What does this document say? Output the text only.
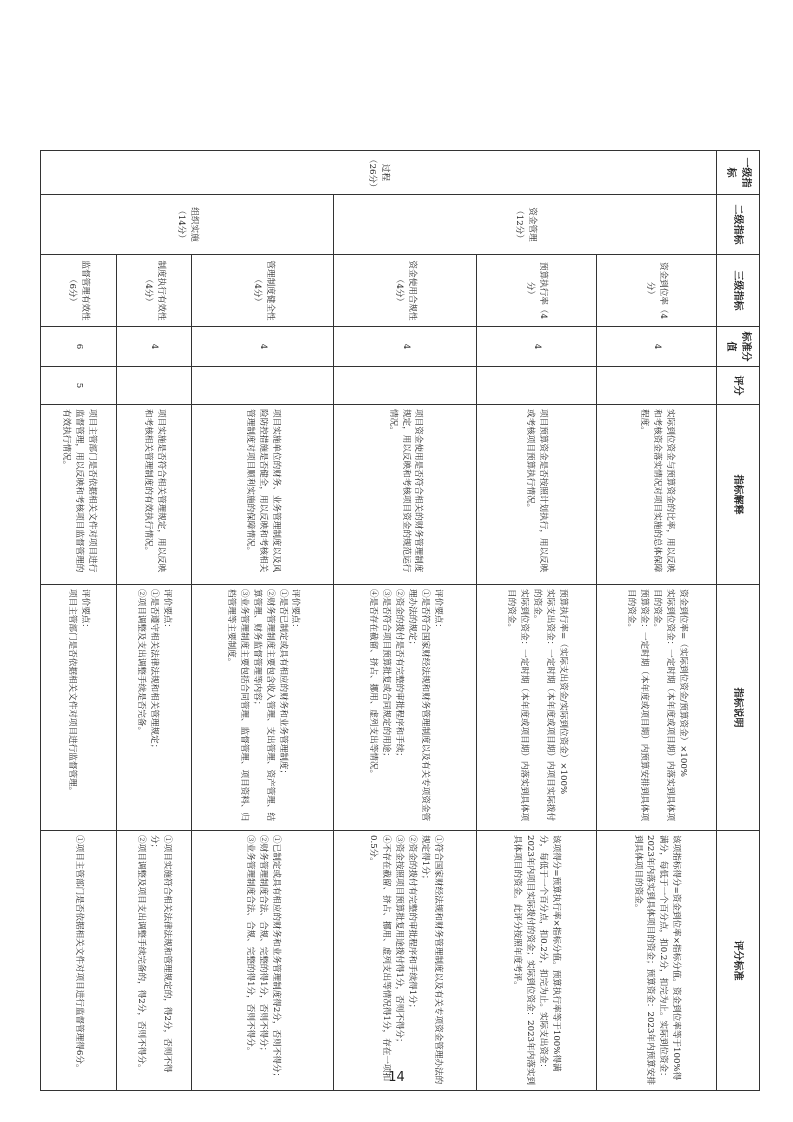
一级指标	二级指标	三级指标	标准分值	评分	指标解释	指标说明	评分标准
过程（26分）	资金管理（12分）	资金到位率（4分）	4		实际到位资金与预算资金的比率，用以反映和考核资金落实情况对项目实施的总体保障程度。	资金到位率=（实际到位资金/预算资金）×100%
实际到位资金：一定时期（本年度或项目期）内落实到具体项目的资金。
预算资金：一定时期（本年度或项目期）内预算安排到具体项目的资金。	该项指标得分=资金到位率×指标分值。资金到位率等于100%得满分，每低于一个百分点，扣0.2分，扣完为止。实际到位资金：2023年内落实到具体项目的资金；预算资金：2023年内预算安排到具体项目的资金。

		预算执行率（4分）	4		项目预算资金是否按照计划执行，用以反映或考核项目预算执行情况。	预算执行率=（实际支出资金/实际到位资金）×100%
实际支出资金：一定时期（本年度或项目期）内项目实际拨付的资金。
实际到位资金：一定时期（本年度或项目期）内落实到具体项目的资金。	该项得分=预算执行率×指标分值。预算执行率等于100%得满分，每低于一个百分点，扣0.2分，扣完为止。实际支出资金：2023年内项目实际拨付的资金；实际到位资金：2023年内落实到具体项目的资金。此评分按照年度考评。

		资金使用合规性（4分）	4		项目资金使用是否符合相关的财务管理制度规定，用以反映和考核项目资金的规范运行情况。	评价要点：
①是否符合国家财经法规和财务管理制度以及有关专项资金管理办法的规定；
②资金的拨付是否有完整的审批程序和手续；
③是否符合项目预算批复或合同规定的用途；
④是否存在截留、挤占、挪用、虚列支出等情况。	①符合国家财经法规和财务管理制度以及有关专项资金管理办法的规定得1分；
②资金的拨付有完整的审批程序和手续得1分；
③资金按照项目预算批复用途拨付得1分，否则不得分；
④不存在截留、挤占、挪用、虚列支出等情况得1分，存在一项扣0.5分。

	组织实施（14分）	管理制度健全性（4分）	4		项目实施单位的财务、业务管理制度以及风险防控措施是否健全，用以反映和考核相关管理制度对项目顺利实施的保障情况。	评价要点：
①是否已制定或具有相应的财务和业务管理制度；
②财务管理制度主要包含收入管理、支出管理、资产管理、结算管理、财务监督管理等内容；
③业务管理制度主要包括合同管理、监督管理、项目资料、归档管理等主要制度。	①已制定或具有相应的财务和业务管理制度得2分，否则不得分；
②财务管理制度合法、合规、完整的得1分，否则不得分；
③业务管理制度合法、合规、完整的得1分，否则不得分。

		制度执行有效性（4分）	4		项目实施是否符合相关管理规定，用以反映和考核相关管理制度的有效执行情况。	评价要点：
①是否遵守相关法律法规和相关管理规定；
②项目调整及支出调整手续是否完备。	①项目实施符合相关法律法规和管理规定的，得2分，否则不得分；
②项目调整及项目支出调整手续完备的，得2分，否则不得分。

		监督管理有效性（6分）	6	5	项目主管部门是否依据相关文件对项目进行监督管理，用以反映和考核项目监督管理的有效执行情况。	评价要点：
项目主管部门是否依据相关文件对项目进行监督管理。	①项目主管部门是否依据相关文件对项目进行监督管理得6分。
14
